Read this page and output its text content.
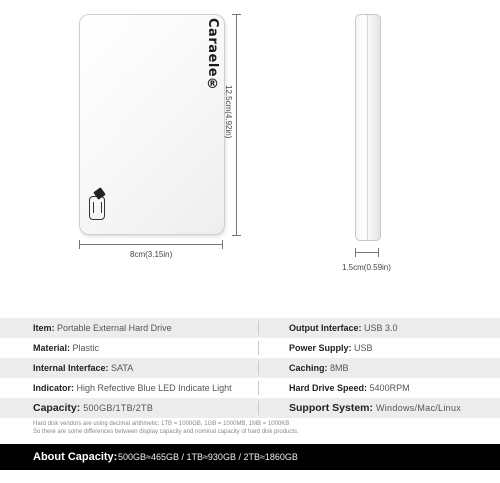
Caraele®
12.5cm(4.92in)
8cm(3.15in)
1.5cm(0.59in)
Item: Portable External Hard Drive	Output Interface: USB 3.0
Material: Plastic	Power Supply: USB
Internal Interface: SATA	Caching: 8MB
Indicator: High Refective Blue LED Indicate Light	Hard Drive Speed: 5400RPM
Capacity: 500GB/1TB/2TB	Support System: Windows/Mac/Linux
Hard disk vendors are using decimal arithmetic: 1TB = 1000GB, 1GB = 1000MB, 1MB = 1000KB
So there are some differences between display capacity and nominal capacity of hard disk products.
About Capacity: 500GB≈465GB / 1TB≈930GB / 2TB≈1860GB
